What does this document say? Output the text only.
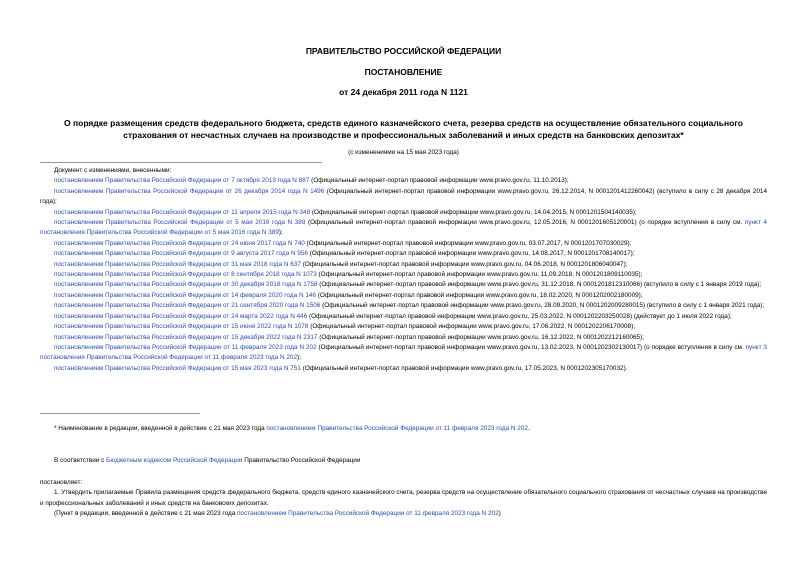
ПРАВИТЕЛЬСТВО РОССИЙСКОЙ ФЕДЕРАЦИИ
ПОСТАНОВЛЕНИЕ
от 24 декабря 2011 года N 1121
О порядке размещения средств федерального бюджета, средств единого казначейского счета, резерва средств на осуществление обязательного социального страхования от несчастных случаев на производстве и профессиональных заболеваний и иных средств на банковских депозитах*
(с изменениями на 15 мая 2023 года)
Документ с изменениями, внесенными:
постановлением Правительства Российской Федерации от 7 октября 2013 года N 887 (Официальный интернет-портал правовой информации www.pravo.gov.ru, 11.10.2013);
постановлением Правительства Российской Федерации от 26 декабря 2014 года N 1496 (Официальный интернет-портал правовой информации www.pravo.gov.ru, 26.12.2014, N 0001201412260042) (вступило в силу с 28 декабря 2014 года);
постановлением Правительства Российской Федерации от 11 апреля 2015 года N 348 (Официальный интернет-портал правовой информации www.pravo.gov.ru, 14.04.2015, N 0001201504140035);
постановлением Правительства Российской Федерации от 5 мая 2016 года N 389 (Официальный интернет-портал правовой информации www.pravo.gov.ru, 12.05.2016, N 0001201605120001) (о порядке вступления в силу см. пункт 4 постановления Правительства Российской Федерации от 5 мая 2016 года N 389);
постановлением Правительства Российской Федерации от 24 июня 2017 года N 740 (Официальный интернет-портал правовой информации www.pravo.gov.ru, 03.07.2017, N 0001201707030029);
постановлением Правительства Российской Федерации от 9 августа 2017 года N 956 (Официальный интернет-портал правовой информации www.pravo.gov.ru, 14.08.2017, N 0001201708140017);
постановлением Правительства Российской Федерации от 31 мая 2018 года N 637 (Официальный интернет-портал правовой информации www.pravo.gov.ru, 04.06.2018, N 0001201806040047);
постановлением Правительства Российской Федерации от 8 сентября 2018 года N 1073 (Официальный интернет-портал правовой информации www.pravo.gov.ru, 11.09.2018, N 0001201809110035);
постановлением Правительства Российской Федерации от 30 декабря 2018 года N 1758 (Официальный интернет-портал правовой информации www.pravo.gov.ru, 31.12.2018, N 0001201812310066) (вступило в силу с 1 января 2019 года);
постановлением Правительства Российской Федерации от 14 февраля 2020 года N 146 (Официальный интернет-портал правовой информации www.pravo.gov.ru, 18.02.2020, N 0001202002180009);
постановлением Правительства Российской Федерации от 21 сентября 2020 года N 1506 (Официальный интернет-портал правовой информации www.pravo.gov.ru, 28.09.2020, N 0001202009280015) (вступило в силу с 1 января 2021 года);
постановлением Правительства Российской Федерации от 24 марта 2022 года N 446 (Официальный интернет-портал правовой информации www.pravo.gov.ru, 25.03.2022, N 0001202203250028) (действует до 1 июля 2022 года);
постановлением Правительства Российской Федерации от 15 июня 2022 года N 1078 (Официальный интернет-портал правовой информации www.pravo.gov.ru, 17.06.2022, N 0001202206170008);
постановлением Правительства Российской Федерации от 15 декабря 2022 года N 2317 (Официальный интернет-портал правовой информации www.pravo.gov.ru, 16.12.2022, N 0001202212160065);
постановлением Правительства Российской Федерации от 11 февраля 2023 года N 202 (Официальный интернет-портал правовой информации www.pravo.gov.ru, 13.02.2023, N 0001202302130017) (о порядке вступления в силу см. пункт 3 постановления Правительства Российской Федерации от 11 февраля 2023 года N 202);
постановлением Правительства Российской Федерации от 15 мая 2023 года N 751 (Официальный интернет-портал правовой информации www.pravo.gov.ru, 17.05.2023, N 0001202305170032).
* Наименование в редакции, введенной в действие с 21 мая 2023 года постановлением Правительства Российской Федерации от 11 февраля 2023 года N 202.
В соответствии с Бюджетным кодексом Российской Федерации Правительство Российской Федерации
постановляет:
1. Утвердить прилагаемые Правила размещения средств федерального бюджета, средств единого казначейского счета, резерва средств на осуществление обязательного социального страхования от несчастных случаев на производстве и профессиональных заболеваний и иных средств на банковских депозитах.
(Пункт в редакции, введенной в действие с 21 мая 2023 года постановлением Правительства Российской Федерации от 11 февраля 2023 года N 202)
